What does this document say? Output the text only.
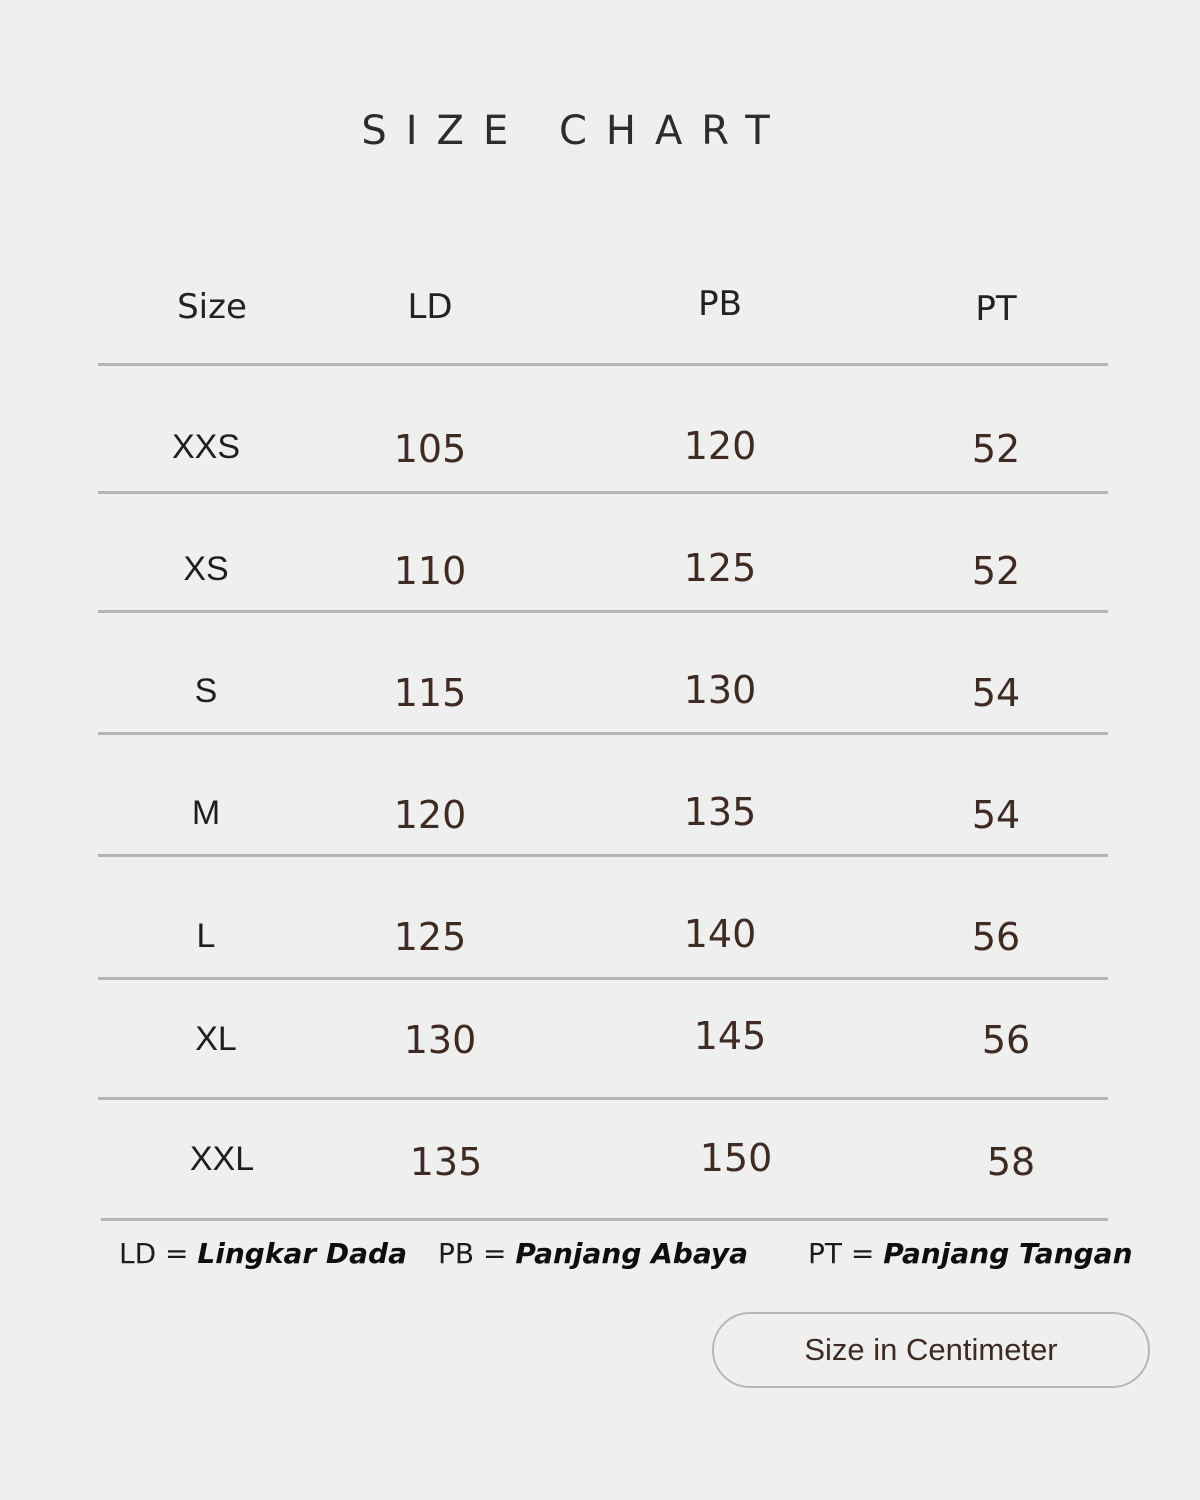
SIZE CHART
Size	LD	PB	PT
XXS	105	120	52
XS	110	125	52
S	115	130	54
M	120	135	54
L	125	140	56
XL	130	145	56
XXL	135	150	58
LD = Lingkar Dada PB = Panjang Abaya PT = Panjang Tangan
Size in Centimeter
